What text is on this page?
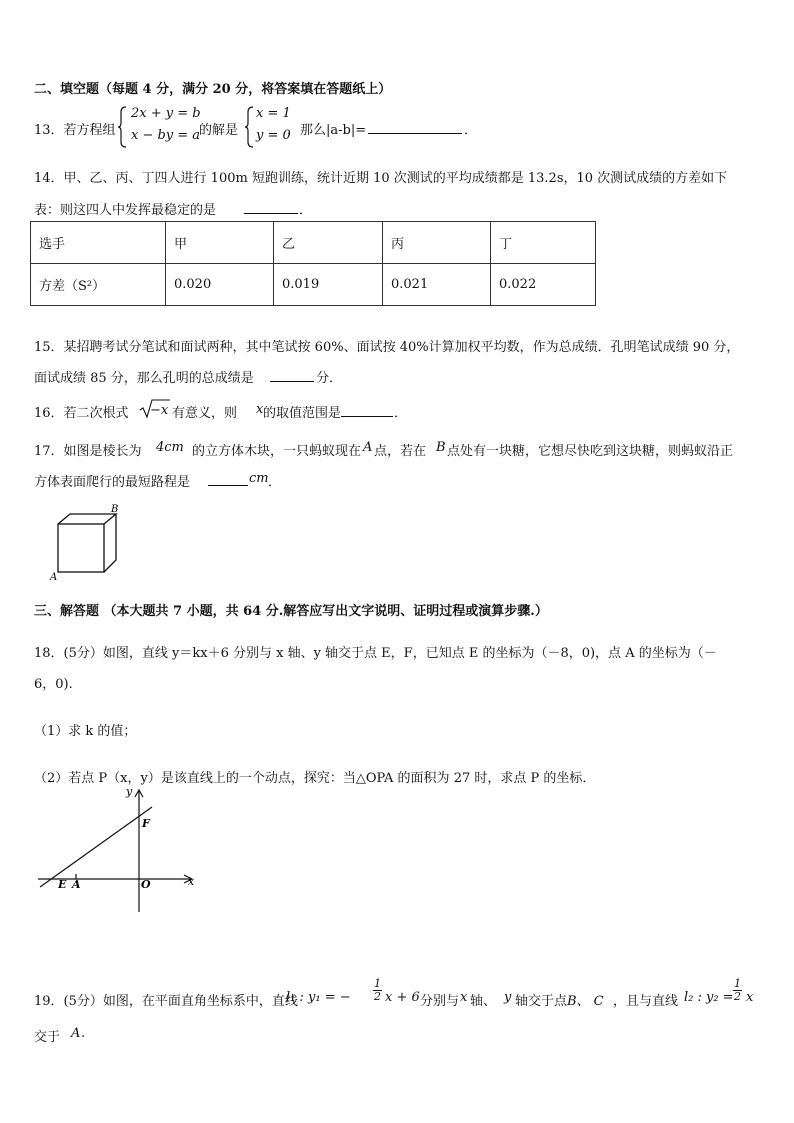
二、填空题（每题 4 分，满分 20 分，将答案填在答题纸上）
13．若方程组
2x + y = b
x − by = a
的解是
x = 1
y = 0
，那么|a-b|=	．
14．甲、乙、丙、丁四人进行 100m 短跑训练，统计近期 10 次测试的平均成绩都是 13.2s，10 次测试成绩的方差如下
表：则这四人中发挥最稳定的是	．
选手	甲	乙	丙	丁
方差（S²）	0.020	0.019	0.021	0.022
15．某招聘考试分笔试和面试两种，其中笔试按 60%、面试按 40%计算加权平均数，作为总成绩．孔明笔试成绩 90 分，
面试成绩 85 分，那么孔明的总成绩是	分．
16．若二次根式 −x 有意义，则 x 的取值范围是	．
17．如图是棱长为 4cm 的立方体木块，一只蚂蚁现在 A 点，若在 B 点处有一块糖，它想尽快吃到这块糖，则蚂蚁沿正
方体表面爬行的最短路程是	cm ．
B
A
三、解答题 （本大题共 7 小题，共 64 分.解答应写出文字说明、证明过程或演算步骤.）
18．(5分）如图，直线 y＝kx＋6 分别与 x 轴、y 轴交于点 E，F，已知点 E 的坐标为（－8，0)，点 A 的坐标为（－
6，0).
（1）求 k 的值；
（2）若点 P（x，y）是该直线上的一个动点，探究：当△OPA 的面积为 27 时，求点 P 的坐标．
y
x
F
E A	O
19．(5分）如图，在平面直角坐标系中，直线
l₁ : y₁ = − $\frac{1}{2}$ x + 6 分别与 x 轴、 y 轴交于点 B、 C ，且与直线 l₂ : $y_2 = \frac{1}{2}$ x
交于 A .
